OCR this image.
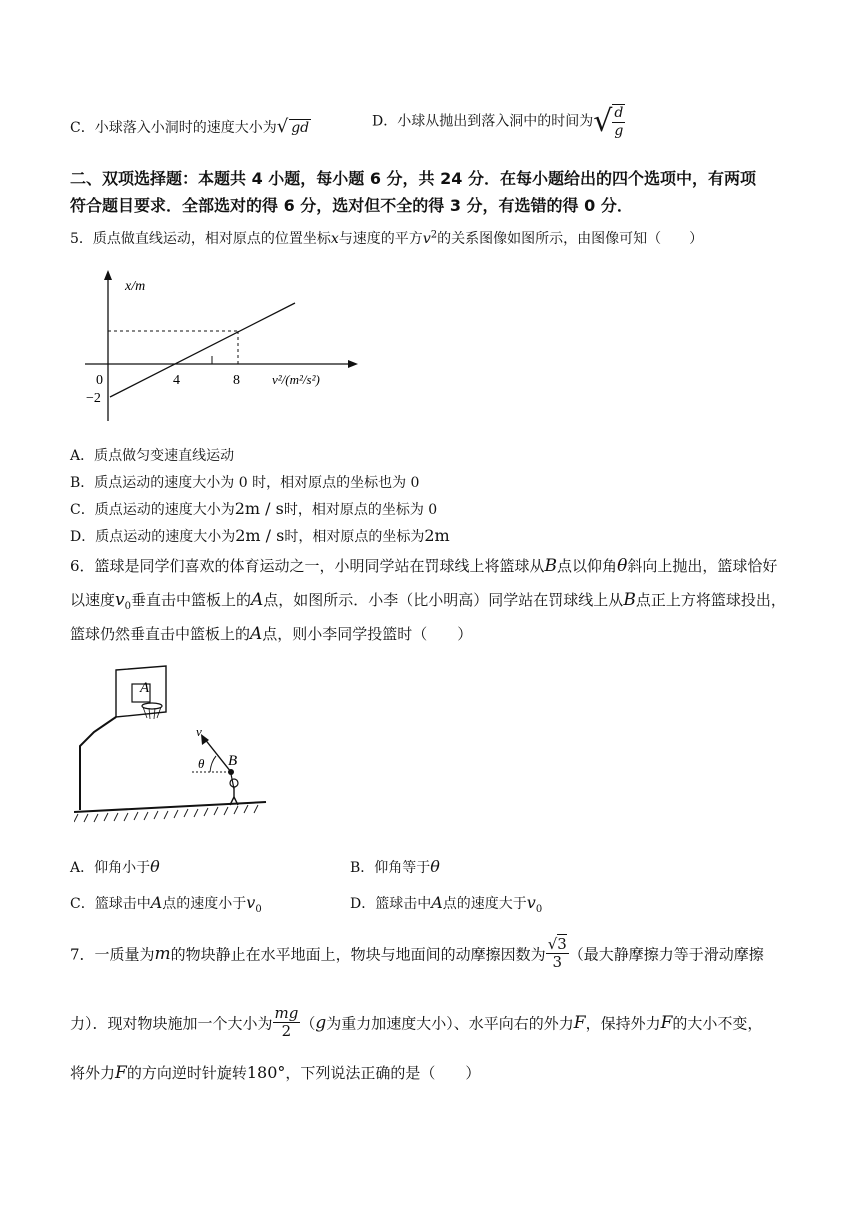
C．小球落入小洞时的速度大小为√ gd	D．小球从抛出到落入洞中的时间为√ $\frac{d}{g}$
二、双项选择题：本题共 4 小题，每小题 6 分，共 24 分．在每小题给出的四个选项中，有两项
符合题目要求．全部选对的得 6 分，选对但不全的得 3 分，有选错的得 0 分．
5．质点做直线运动，相对原点的位置坐标x与速度的平方$v^2$的关系图像如图所示，由图像可知（　　）
x/m
0	4	8 v²/(m²/s²)
−2
A．质点做匀变速直线运动
B．质点运动的速度大小为 0 时，相对原点的坐标也为 0
C．质点运动的速度大小为2m / s时，相对原点的坐标为 0
D．质点运动的速度大小为2m / s时，相对原点的坐标为2m
6．篮球是同学们喜欢的体育运动之一，小明同学站在罚球线上将篮球从B点以仰角θ斜向上抛出，篮球恰好
以速度$v_0$垂直击中篮板上的A点，如图所示．小李（比小明高）同学站在罚球线上从B点正上方将篮球投出，
篮球仍然垂直击中篮板上的A点，则小李同学投篮时（　　）
A
v
θ B
A．仰角小于θ	B．仰角等于θ
C．篮球击中A点的速度小于$v_0$	D．篮球击中A点的速度大于$v_0$
7．一质量为m的物块静止在水平地面上，物块与地面间的动摩擦因数为 $\frac{√3}{3}$ （最大静摩擦力等于滑动摩擦
力）．现对物块施加一个大小为 $\frac{mg}{2} (g$为重力加速度大小）、水平向右的外力F，保持外力F的大小不变，
将外力F的方向逆时针旋转180°，下列说法正确的是（　　）
